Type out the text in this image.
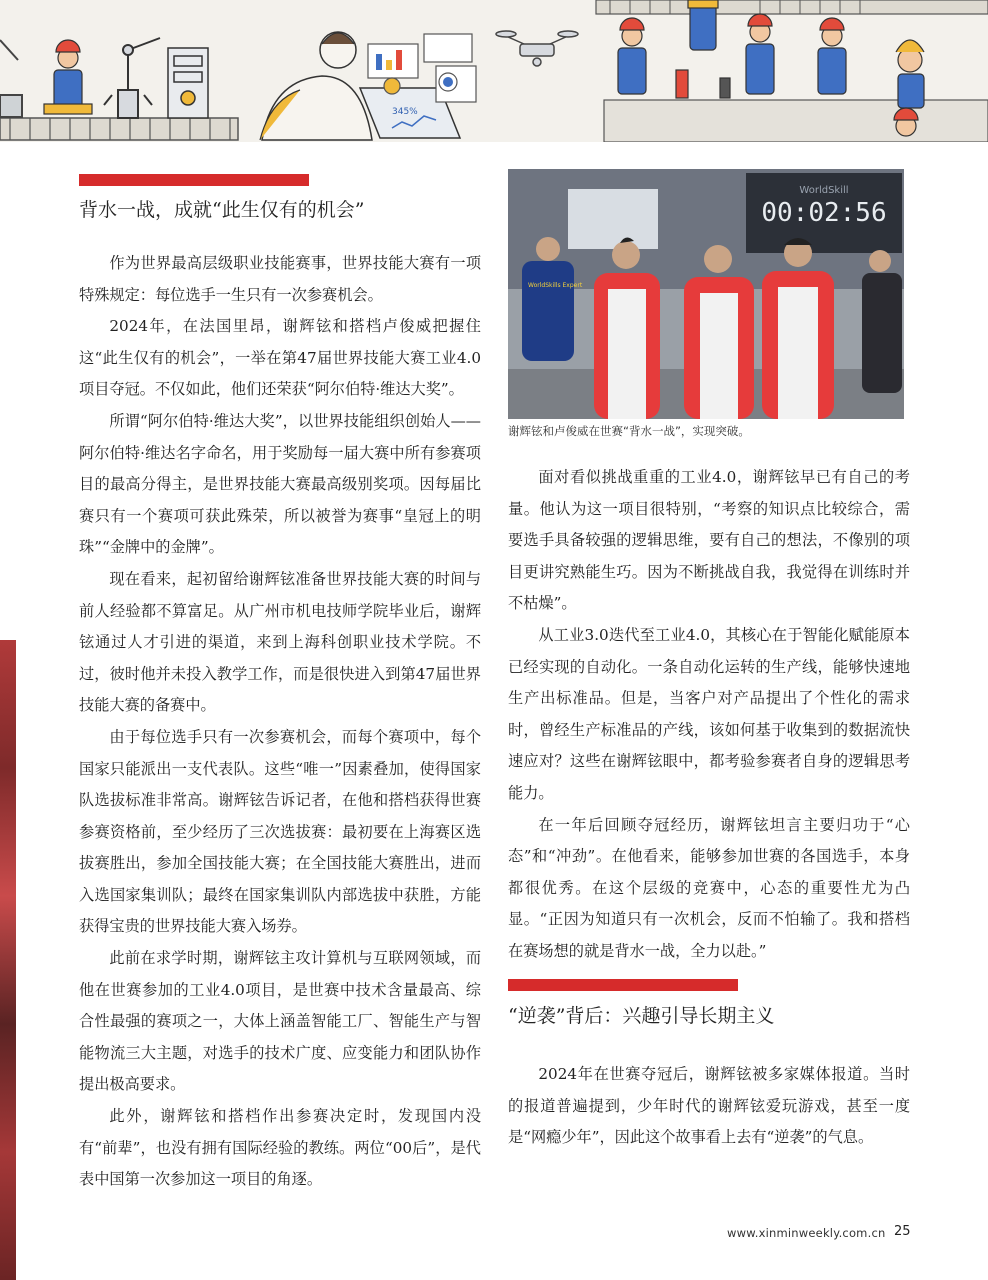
345%
背水一战，成就“此生仅有的机会”

作为世界最高层级职业技能赛事，世界技能大赛有一项特殊规定：每位选手一生只有一次参赛机会。

2024年，在法国里昂，谢辉铉和搭档卢俊威把握住这“此生仅有的机会”，一举在第47届世界技能大赛工业4.0项目夺冠。不仅如此，他们还荣获“阿尔伯特·维达大奖”。

所谓“阿尔伯特·维达大奖”，以世界技能组织创始人——阿尔伯特·维达名字命名，用于奖励每一届大赛中所有参赛项目的最高分得主，是世界技能大赛最高级别奖项。因每届比赛只有一个赛项可获此殊荣，所以被誉为赛事“皇冠上的明珠”“金牌中的金牌”。

现在看来，起初留给谢辉铉准备世界技能大赛的时间与前人经验都不算富足。从广州市机电技师学院毕业后，谢辉铉通过人才引进的渠道，来到上海科创职业技术学院。不过，彼时他并未投入教学工作，而是很快进入到第47届世界技能大赛的备赛中。

由于每位选手只有一次参赛机会，而每个赛项中，每个国家只能派出一支代表队。这些“唯一”因素叠加，使得国家队选拔标准非常高。谢辉铉告诉记者，在他和搭档获得世赛参赛资格前，至少经历了三次选拔赛：最初要在上海赛区选拔赛胜出，参加全国技能大赛；在全国技能大赛胜出，进而入选国家集训队；最终在国家集训队内部选拔中获胜，方能获得宝贵的世界技能大赛入场券。

此前在求学时期，谢辉铉主攻计算机与互联网领域，而他在世赛参加的工业4.0项目，是世赛中技术含量最高、综合性最强的赛项之一，大体上涵盖智能工厂、智能生产与智能物流三大主题，对选手的技术广度、应变能力和团队协作提出极高要求。

此外，谢辉铉和搭档作出参赛决定时，发现国内没有“前辈”，也没有拥有国际经验的教练。两位“00后”，是代表中国第一次参加这一项目的角逐。

WorldSkill
00:02:56
WorldSkills Expert
谢辉铉和卢俊威在世赛“背水一战”，实现突破。

面对看似挑战重重的工业4.0，谢辉铉早已有自己的考量。他认为这一项目很特别，“考察的知识点比较综合，需要选手具备较强的逻辑思维，要有自己的想法，不像别的项目更讲究熟能生巧。因为不断挑战自我，我觉得在训练时并不枯燥”。

从工业3.0迭代至工业4.0，其核心在于智能化赋能原本已经实现的自动化。一条自动化运转的生产线，能够快速地生产出标准品。但是，当客户对产品提出了个性化的需求时，曾经生产标准品的产线，该如何基于收集到的数据流快速应对？这些在谢辉铉眼中，都考验参赛者自身的逻辑思考能力。

在一年后回顾夺冠经历，谢辉铉坦言主要归功于“心态”和“冲劲”。在他看来，能够参加世赛的各国选手，本身都很优秀。在这个层级的竞赛中，心态的重要性尤为凸显。“正因为知道只有一次机会，反而不怕输了。我和搭档在赛场想的就是背水一战，全力以赴。”

“逆袭”背后：兴趣引导长期主义

2024年在世赛夺冠后，谢辉铉被多家媒体报道。当时的报道普遍提到，少年时代的谢辉铉爱玩游戏，甚至一度是“网瘾少年”，因此这个故事看上去有“逆袭”的气息。

www.xinminweekly.com.cn 25
